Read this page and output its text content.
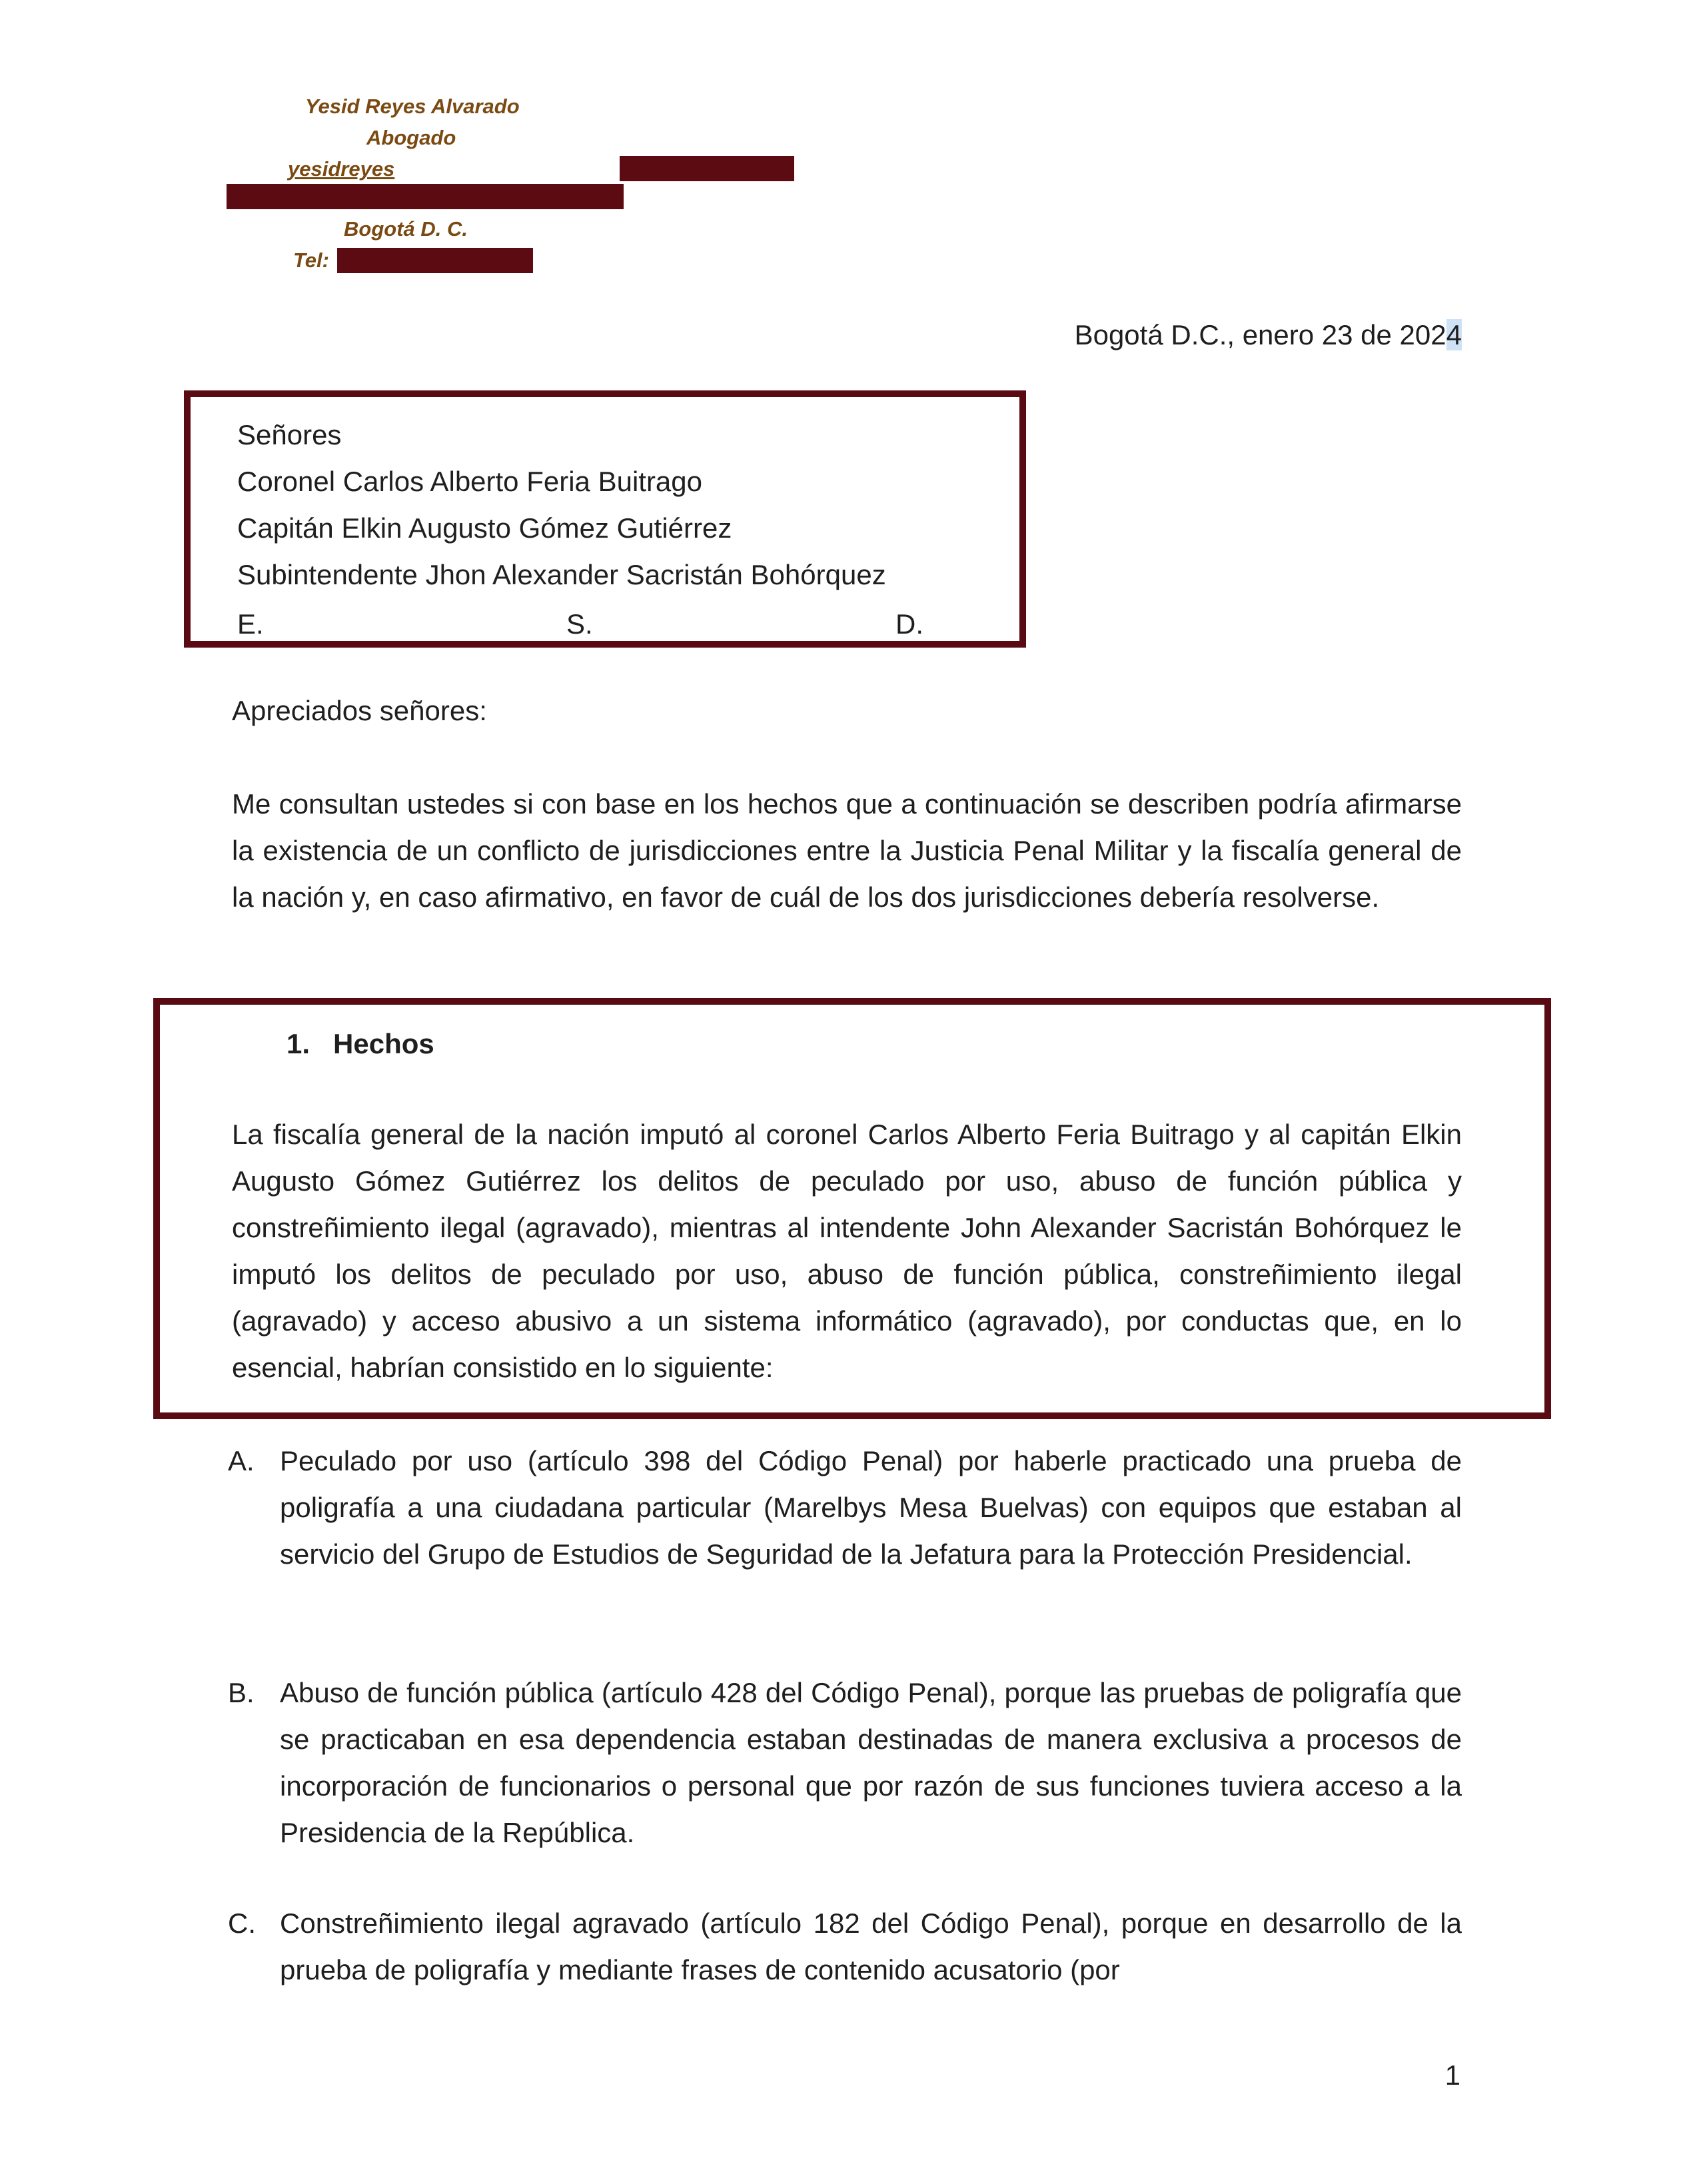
Yesid Reyes Alvarado
Abogado
yesidreyes
Bogotá D. C.
Tel:
Bogotá D.C., enero 23 de 2024
Señores
Coronel Carlos Alberto Feria Buitrago
Capitán Elkin Augusto Gómez Gutiérrez
Subintendente Jhon Alexander Sacristán Bohórquez
E.	S.	D.
Apreciados señores:
Me consultan ustedes si con base en los hechos que a continuación se describen podría afirmarse la existencia de un conflicto de jurisdicciones entre la Justicia Penal Militar y la fiscalía general de la nación y, en caso afirmativo, en favor de cuál de los dos jurisdicciones debería resolverse.
1.   Hechos
La fiscalía general de la nación imputó al coronel Carlos Alberto Feria Buitrago y al capitán Elkin Augusto Gómez Gutiérrez los delitos de peculado por uso, abuso de función pública y constreñimiento ilegal (agravado), mientras al intendente John Alexander Sacristán Bohórquez le imputó los delitos de peculado por uso, abuso de función pública, constreñimiento ilegal (agravado) y acceso abusivo a un sistema informático (agravado), por conductas que, en lo esencial, habrían consistido en lo siguiente:
A. Peculado por uso (artículo 398 del Código Penal) por haberle practicado una prueba de poligrafía a una ciudadana particular (Marelbys Mesa Buelvas) con equipos que estaban al servicio del Grupo de Estudios de Seguridad de la Jefatura para la Protección Presidencial.
B. Abuso de función pública (artículo 428 del Código Penal), porque las pruebas de poligrafía que se practicaban en esa dependencia estaban destinadas de manera exclusiva a procesos de incorporación de funcionarios o personal que por razón de sus funciones tuviera acceso a la Presidencia de la República.
C. Constreñimiento ilegal agravado (artículo 182 del Código Penal), porque en desarrollo de la prueba de poligrafía y mediante frases de contenido acusatorio (por
1
